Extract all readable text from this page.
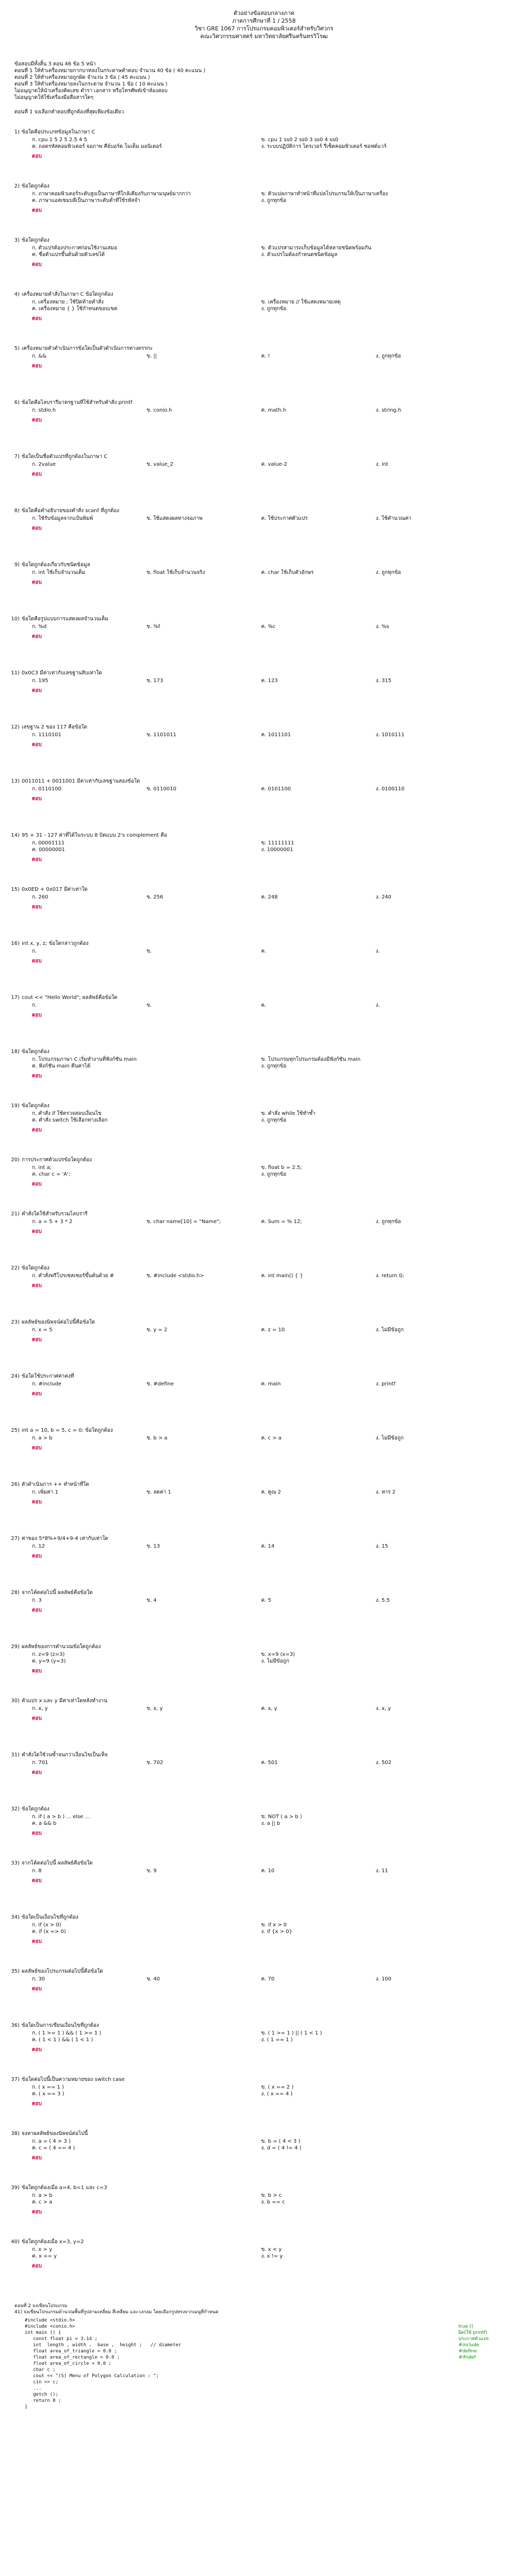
ตัวอย่างข้อสอบกลางภาค
ภาคการศึกษาที่ 1 / 2558
วิชา GRE 1067 การโปรแกรมคอมพิวเตอร์สำหรับวิศวกร
คณะวิศวกรรมศาสตร์ มหาวิทยาลัยศรีนครินทรวิโรฒ
ข้อสอบมีทั้งสิ้น 3 ตอน 46 ข้อ 5 หน้า
ตอนที่ 1 ให้ทำเครื่องหมายกากบาทลงในกระดาษคำตอบ จำนวน 40 ข้อ ( 40 คะแนน )
ตอนที่ 2 ให้ทำเครื่องหมายถูกผิด จำนวน 3 ข้อ ( 45 คะแนน )
ตอนที่ 3 ให้ทำเครื่องหมายลงในกระดาษ จำนวน 1 ข้อ ( 10 คะแนน )
ไม่อนุญาตให้นำเครื่องคิดเลข ตำรา เอกสาร หรือโทรศัพท์เข้าห้องสอบ
ไม่อนุญาตให้ใช้เครื่องมือสื่อสารใดๆ
ตอนที่ 1 จงเลือกคำตอบที่ถูกต้องที่สุดเพียงข้อเดียว
1) ข้อใดคือประเภทข้อมูลในภาษา C
ก. cpu 1 5 2 5 2.5 4 5	ข. cpu 1 ss0 2 ss0 3 ss0 4 ss0
ค. ถอดรหัสคอมพิวเตอร์ จอภาพ คีย์บอร์ด โมเด็ม มอนิเตอร์	ง. ระบบปฏิบัติการ ไดรเวอร์ รีเซ็ตคอมพิวเตอร์ ซอฟต์แวร์
ตอบ
2) ข้อใดถูกต้อง
ก. ภาษาคอมพิวเตอร์ระดับสูงเป็นภาษาที่ใกล้เคียงกับภาษามนุษย์มากกว่า	ข. ตัวแปลภาษาทำหน้าที่แปลโปรแกรมให้เป็นภาษาเครื่อง
ค. ภาษาแอสเซมบลีเป็นภาษาระดับต่ำที่ใช้รหัสจำ	ง. ถูกทุกข้อ
ตอบ
3) ข้อใดถูกต้อง
ก. ตัวแปรต้องประกาศก่อนใช้งานเสมอ	ข. ตัวแปรสามารถเก็บข้อมูลได้หลายชนิดพร้อมกัน
ค. ชื่อตัวแปรขึ้นต้นด้วยตัวเลขได้	ง. ตัวแปรไม่ต้องกำหนดชนิดข้อมูล
ตอบ
4) เครื่องหมายคำสั่งในภาษา C ข้อใดถูกต้อง
ก. เครื่องหมาย ; ใช้ปิดท้ายคำสั่ง	ข. เครื่องหมาย // ใช้แสดงหมายเหตุ
ค. เครื่องหมาย { } ใช้กำหนดขอบเขต	ง. ถูกทุกข้อ
ตอบ
5) เครื่องหมายตัวดำเนินการข้อใดเป็นตัวดำเนินการทางตรรกะ
ก. &&	ข. ||	ค. !	ง. ถูกทุกข้อ
ตอบ
6) ข้อใดคือไลบรารีมาตรฐานที่ใช้สำหรับคำสั่ง printf
ก. stdio.h	ข. conio.h	ค. math.h	ง. string.h
ตอบ
7) ข้อใดเป็นชื่อตัวแปรที่ถูกต้องในภาษา C
ก. 2value	ข. value_2	ค. value-2	ง. int
ตอบ
8) ข้อใดคือคำอธิบายของคำสั่ง scanf ที่ถูกต้อง
ก. ใช้รับข้อมูลจากแป้นพิมพ์	ข. ใช้แสดงผลทางจอภาพ	ค. ใช้ประกาศตัวแปร	ง. ใช้คำนวณค่า
ตอบ
9) ข้อใดถูกต้องเกี่ยวกับชนิดข้อมูล
ก. int ใช้เก็บจำนวนเต็ม	ข. float ใช้เก็บจำนวนจริง	ค. char ใช้เก็บตัวอักษร	ง. ถูกทุกข้อ
ตอบ
10) ข้อใดคือรูปแบบการแสดงผลจำนวนเต็ม
ก. %d	ข. %f	ค. %c	ง. %s
ตอบ
11) 0x0C3 มีค่าเท่ากับเลขฐานสิบเท่าใด
ก. 195	ข. 173	ค. 123	ง. 315
ตอบ
12) เลขฐาน 2 ของ 117 คือข้อใด
ก. 1110101	ข. 1101011	ค. 1011101	ง. 1010111
ตอบ
13) 0011011 + 0011001 มีค่าเท่ากับเลขฐานสองข้อใด
ก. 0110100	ข. 0110010	ค. 0101100	ง. 0100110
ตอบ
14) 95 + 31 - 127 ค่าที่ได้ในระบบ 8 บิตแบบ 2's complement คือ
ก. 00001111	ข. 11111111
ค. 00000001	ง. 10000001
ตอบ
15) 0x0ED + 0x017 มีค่าเท่าใด
ก. 260	ข. 256	ค. 248	ง. 240
ตอบ
16) int x, y, z; ข้อใดกล่าวถูกต้อง
ก.	ข.	ค.	ง.
ตอบ
17) cout << "Hello World"; ผลลัพธ์คือข้อใด
ก.	ข.	ค.	ง.
ตอบ
18) ข้อใดถูกต้อง
ก. โปรแกรมภาษา C เริ่มทำงานที่ฟังก์ชัน main	ข. โปรแกรมทุกโปรแกรมต้องมีฟังก์ชัน main
ค. ฟังก์ชัน main คืนค่าได้	ง. ถูกทุกข้อ
ตอบ
19) ข้อใดถูกต้อง
ก. คำสั่ง if ใช้ตรวจสอบเงื่อนไข	ข. คำสั่ง while ใช้ทำซ้ำ
ค. คำสั่ง switch ใช้เลือกทางเลือก	ง. ถูกทุกข้อ
ตอบ
20) การประกาศตัวแปรข้อใดถูกต้อง
ก. int a;	ข. float b = 2.5;
ค. char c = 'A';	ง. ถูกทุกข้อ
ตอบ
21) คำสั่งใดใช้สำหรับรวมไลบรารี
ก. a = 5 + 3 * 2	ข. char name[10] = "Name";	ค. Sum = % 12;	ง. ถูกทุกข้อ
ตอบ
22) ข้อใดถูกต้อง
ก. คำสั่งพรีโปรเซสเซอร์ขึ้นต้นด้วย #	ข. #include <stdio.h>	ค. int main() { }	ง. return 0;
ตอบ
23) ผลลัพธ์ของนิพจน์ต่อไปนี้คือข้อใด
ก. x = 5	ข. y = 2	ค. z = 10	ง. ไม่มีข้อถูก
ตอบ
24) ข้อใดใช้ประกาศค่าคงที่
ก. #include	ข. #define	ค. main	ง. printf
ตอบ
25) int a = 10, b = 5, c = 0; ข้อใดถูกต้อง
ก. a > b	ข. b > a	ค. c > a	ง. ไม่มีข้อถูก
ตอบ
26) ตัวดำเนินการ ++ ทำหน้าที่ใด
ก. เพิ่มค่า 1	ข. ลดค่า 1	ค. คูณ 2	ง. หาร 2
ตอบ
27) ค่าของ 5*8%+9/4+9-4 เท่ากับเท่าใด
ก. 12	ข. 13	ค. 14	ง. 15
ตอบ
28) จากโค้ดต่อไปนี้ ผลลัพธ์คือข้อใด
ก. 3	ข. 4	ค. 5	ง. 5.5
ตอบ
29) ผลลัพธ์ของการคำนวณข้อใดถูกต้อง
ก. z=9 (z=3)	ข. x=9 (x=3)
ค. y=9 (y=3)	ง. ไม่มีข้อถูก
ตอบ
30) ตัวแปร x และ y มีค่าเท่าใดหลังทำงาน
ก. x, y	ข. x, y	ค. x, y	ง. x, y
ตอบ
31) คำสั่งใดใช้วนซ้ำจนกว่าเงื่อนไขเป็นเท็จ
ก. 701	ข. 702	ค. 501	ง. 502
ตอบ
32) ข้อใดถูกต้อง
ก. if ( a > b ) ... else ...	ข. NOT ( a > b )
ค. a && b	ง. a || b
ตอบ
33) จากโค้ดต่อไปนี้ ผลลัพธ์คือข้อใด
ก. 8	ข. 9	ค. 10	ง. 11
ตอบ
34) ข้อใดเป็นเงื่อนไขที่ถูกต้อง
ก. if (x > 0)	ข. if x > 0
ค. if (x => 0)	ง. if {x > 0}
ตอบ
35) ผลลัพธ์ของโปรแกรมต่อไปนี้คือข้อใด
ก. 30	ข. 40	ค. 70	ง. 100
ตอบ
36) ข้อใดเป็นการเขียนเงื่อนไขที่ถูกต้อง
ก. ( 1 >= 1 ) && ( 1 >= 1 )	ข. ( 1 >= 1 ) || ( 1 < 1 )
ค. ( 1 < 1 ) && ( 1 < 1 )	ง. ( 1 == 1 )
ตอบ
37) ข้อใดต่อไปนี้เป็นความหมายของ switch case
ก. ( x == 1 )	ข. ( x == 2 )
ค. ( x == 3 )	ง. ( x == 4 )
ตอบ
38) จงหาผลลัพธ์ของนิพจน์ต่อไปนี้
ก. a = ( 4 > 3 )	ข. b = ( 4 < 3 )
ค. c = ( 4 == 4 )	ง. d = ( 4 != 4 )
ตอบ
39) ข้อใดถูกต้องเมื่อ a=4, b=1 และ c=3
ก. a > b	ข. b > c
ค. c > a	ง. b == c
ตอบ
40) ข้อใดถูกต้องเมื่อ x=3, y=2
ก. x > y	ข. x < y
ค. x == y	ง. x != y
ตอบ
ตอนที่ 2 จงเขียนโปรแกรม
41) จงเขียนโปรแกรมคำนวณพื้นที่รูปสามเหลี่ยม สี่เหลี่ยม และวงกลม โดยเลือกรูปทรงจากเมนูที่กำหนด
#include <stdio.h>
#include <conio.h>
int main () {
const float pi = 3.14 ;
int  length , width ,  base ,  height ;   // diameter
float area_of_triangle = 0.0 ;
float area_of_rectangle = 0.0 ;
float area_of_circle = 0.0 ;
char c ;
cout << "(S) Menu of Polygon Calculation : ";
cin >> c;
...
getch ();
return 0 ;
}
true ()
ผิด(ใช้ printf)
ประกาศตัวแปร
#include
#define
#ifndef
